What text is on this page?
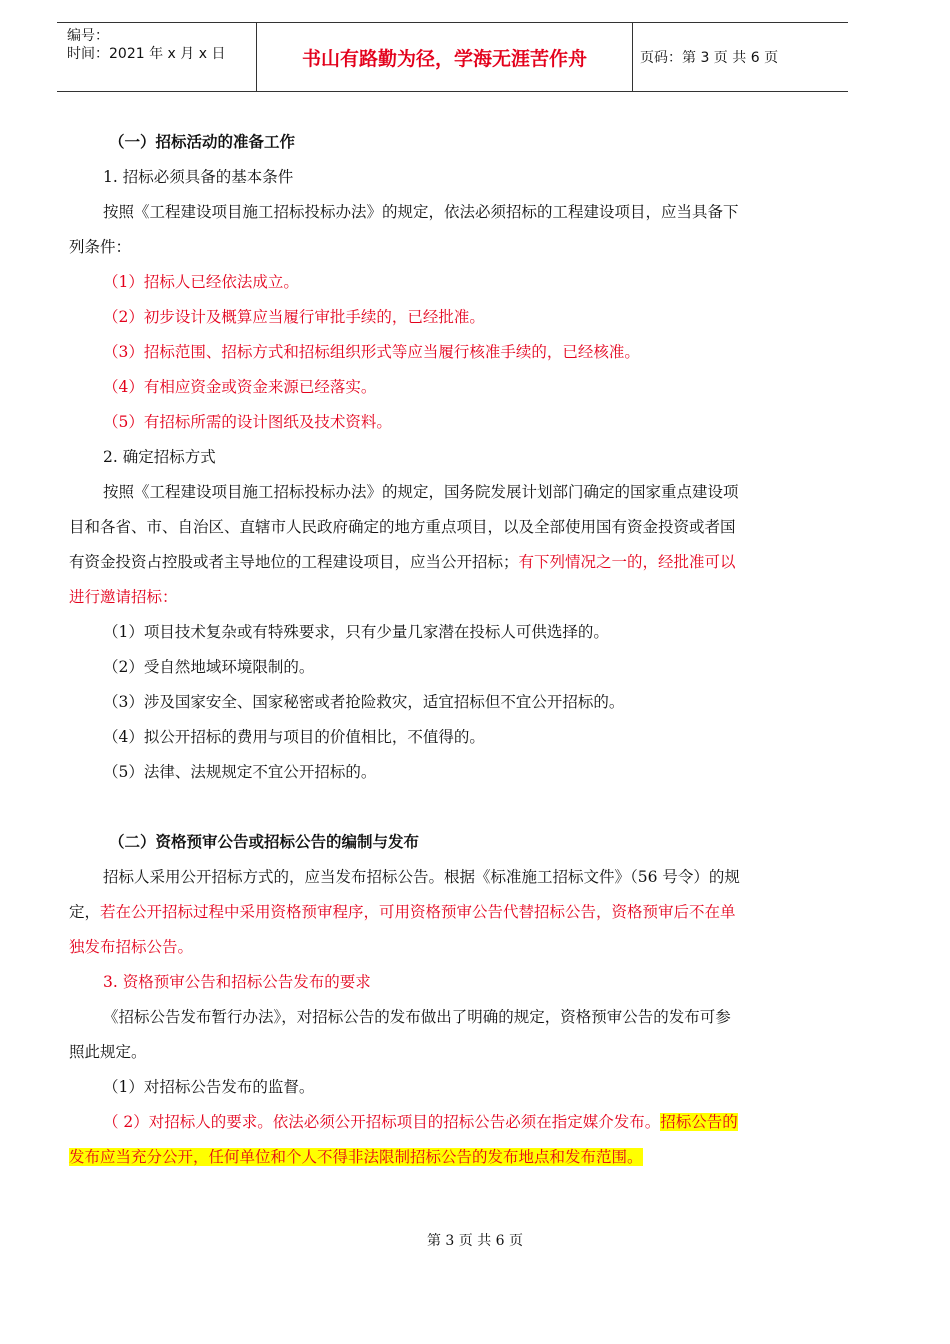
编号：
时间：2021 年 x 月 x 日	书山有路勤为径，学海无涯苦作舟	页码：第 3 页 共 6 页

（一）招标活动的准备工作

1. 招标必须具备的基本条件

按照《工程建设项目施工招标投标办法》的规定，依法必须招标的工程建设项目，应当具备下

列条件：

（1）招标人已经依法成立。

（2）初步设计及概算应当履行审批手续的，已经批准。

（3）招标范围、招标方式和招标组织形式等应当履行核准手续的，已经核准。

（4）有相应资金或资金来源已经落实。

（5）有招标所需的设计图纸及技术资料。

2. 确定招标方式

按照《工程建设项目施工招标投标办法》的规定，国务院发展计划部门确定的国家重点建设项

目和各省、市、自治区、直辖市人民政府确定的地方重点项目，以及全部使用国有资金投资或者国

有资金投资占控股或者主导地位的工程建设项目，应当公开招标；有下列情况之一的，经批准可以

进行邀请招标：

（1）项目技术复杂或有特殊要求，只有少量几家潜在投标人可供选择的。

（2）受自然地域环境限制的。

（3）涉及国家安全、国家秘密或者抢险救灾，适宜招标但不宜公开招标的。

（4）拟公开招标的费用与项目的价值相比，不值得的。

（5）法律、法规规定不宜公开招标的。

（二）资格预审公告或招标公告的编制与发布

招标人采用公开招标方式的，应当发布招标公告。根据《标准施工招标文件》（56 号令）的规

定，若在公开招标过程中采用资格预审程序，可用资格预审公告代替招标公告，资格预审后不在单

独发布招标公告。

3. 资格预审公告和招标公告发布的要求

《招标公告发布暂行办法》，对招标公告的发布做出了明确的规定，资格预审公告的发布可参

照此规定。

（1）对招标公告发布的监督。

（ 2）对招标人的要求。依法必须公开招标项目的招标公告必须在指定媒介发布。招标公告的

发布应当充分公开，任何单位和个人不得非法限制招标公告的发布地点和发布范围。

第 3 页 共 6 页
